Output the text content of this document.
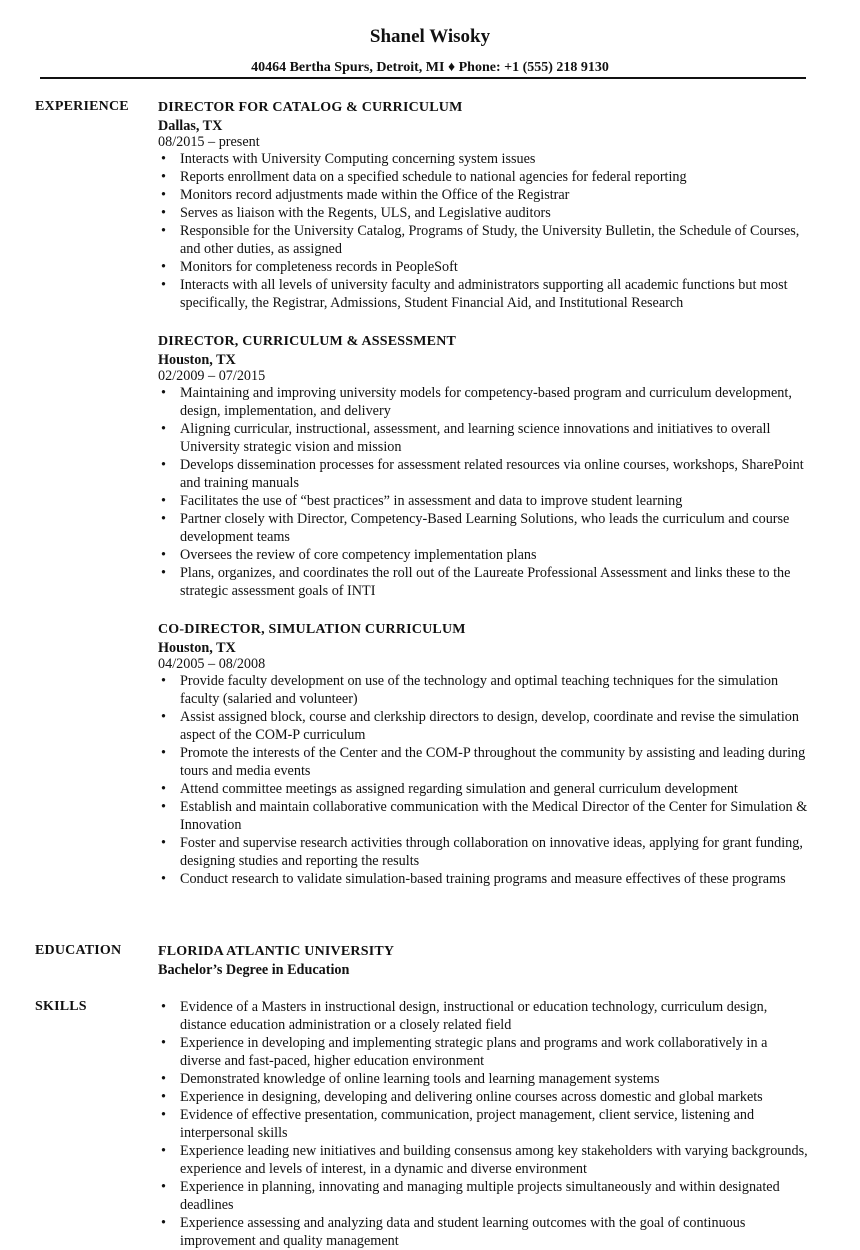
Shanel Wisoky
40464 Bertha Spurs, Detroit, MI ♦ Phone: +1 (555) 218 9130
EXPERIENCE DIRECTOR FOR CATALOG & CURRICULUM
Dallas, TX
08/2015 – present
• Interacts with University Computing concerning system issues
• Reports enrollment data on a specified schedule to national agencies for federal reporting
• Monitors record adjustments made within the Office of the Registrar
• Serves as liaison with the Regents, ULS, and Legislative auditors
• Responsible for the University Catalog, Programs of Study, the University Bulletin, the Schedule of Courses, and other duties, as assigned
• Monitors for completeness records in PeopleSoft
• Interacts with all levels of university faculty and administrators supporting all academic functions but most specifically, the Registrar, Admissions, Student Financial Aid, and Institutional Research
DIRECTOR, CURRICULUM & ASSESSMENT
Houston, TX
02/2009 – 07/2015
• Maintaining and improving university models for competency-based program and curriculum development, design, implementation, and delivery
• Aligning curricular, instructional, assessment, and learning science innovations and initiatives to overall University strategic vision and mission
• Develops dissemination processes for assessment related resources via online courses, workshops, SharePoint and training manuals
• Facilitates the use of “best practices” in assessment and data to improve student learning
• Partner closely with Director, Competency-Based Learning Solutions, who leads the curriculum and course development teams
• Oversees the review of core competency implementation plans
• Plans, organizes, and coordinates the roll out of the Laureate Professional Assessment and links these to the strategic assessment goals of INTI
CO-DIRECTOR, SIMULATION CURRICULUM
Houston, TX
04/2005 – 08/2008
• Provide faculty development on use of the technology and optimal teaching techniques for the simulation faculty (salaried and volunteer)
• Assist assigned block, course and clerkship directors to design, develop, coordinate and revise the simulation aspect of the COM-P curriculum
• Promote the interests of the Center and the COM-P throughout the community by assisting and leading during tours and media events
• Attend committee meetings as assigned regarding simulation and general curriculum development
• Establish and maintain collaborative communication with the Medical Director of the Center for Simulation & Innovation
• Foster and supervise research activities through collaboration on innovative ideas, applying for grant funding, designing studies and reporting the results
• Conduct research to validate simulation-based training programs and measure effectives of these programs
EDUCATION	FLORIDA ATLANTIC UNIVERSITY
Bachelor’s Degree in Education
SKILLS
•	Evidence of a Masters in instructional design, instructional or education technology, curriculum design, distance education administration or a closely related field
• Experience in developing and implementing strategic plans and programs and work collaboratively in a diverse and fast-paced, higher education environment
• Demonstrated knowledge of online learning tools and learning management systems
• Experience in designing, developing and delivering online courses across domestic and global markets
• Evidence of effective presentation, communication, project management, client service, listening and interpersonal skills
• Experience leading new initiatives and building consensus among key stakeholders with varying backgrounds, experience and levels of interest, in a dynamic and diverse environment
• Experience in planning, innovating and managing multiple projects simultaneously and within designated deadlines
• Experience assessing and analyzing data and student learning outcomes with the goal of continuous improvement and quality management
